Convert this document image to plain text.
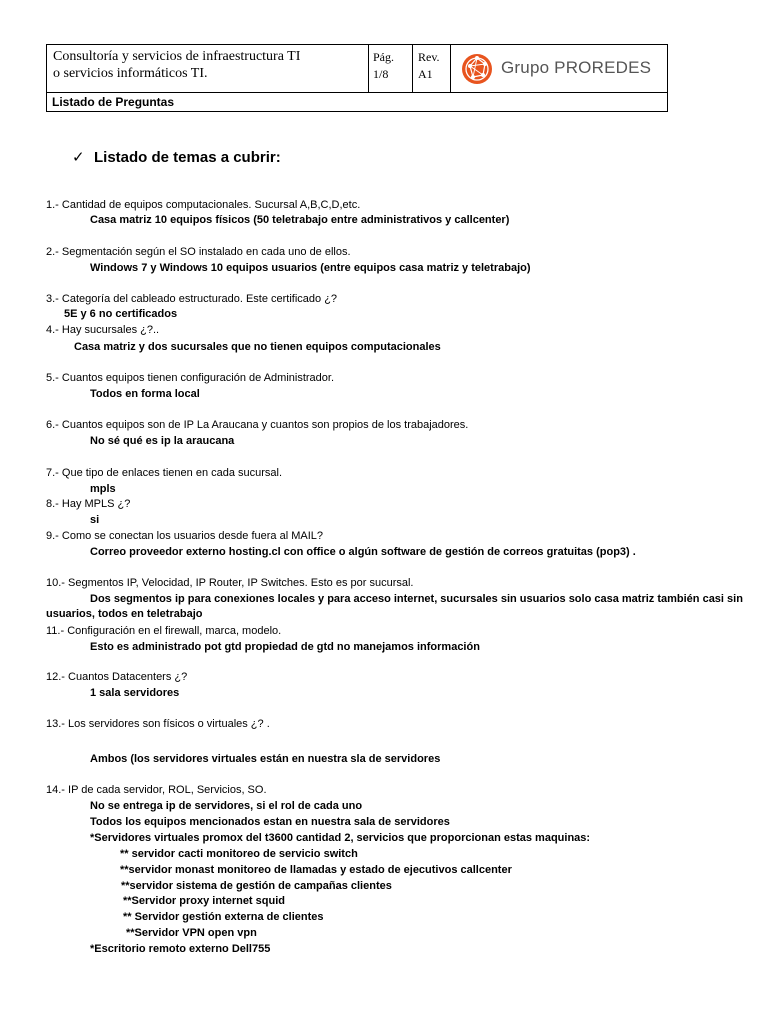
Consultoría y servicios de infraestructura TI
o servicios informáticos TI.
Pág.
1/8
Rev.
A1	Grupo PROREDES
Listado de Preguntas
✓ Listado de temas a cubrir:
1.- Cantidad de equipos computacionales. Sucursal A,B,C,D,etc.
Casa matriz 10 equipos físicos (50 teletrabajo entre administrativos y callcenter)
2.- Segmentación según el SO instalado en cada uno de ellos.
Windows 7 y Windows 10 equipos usuarios (entre equipos casa matriz y teletrabajo)
3.- Categoría del cableado estructurado. Este certificado ¿?
5E y 6 no certificados
4.- Hay sucursales ¿?..
Casa matriz y dos sucursales que no tienen equipos computacionales
5.- Cuantos equipos tienen configuración de Administrador.
Todos en forma local
6.- Cuantos equipos son de IP La Araucana y cuantos son propios de los trabajadores.
No sé qué es ip la araucana
7.- Que tipo de enlaces tienen en cada sucursal.
mpls
8.- Hay MPLS ¿?
si
9.- Como se conectan los usuarios desde fuera al MAIL?
Correo proveedor externo hosting.cl con office o algún software de gestión de correos gratuitas (pop3) .
10.- Segmentos IP, Velocidad, IP Router, IP Switches. Esto es por sucursal.
Dos segmentos ip para conexiones locales y para acceso internet, sucursales sin usuarios solo casa matriz también casi sin
usuarios, todos en teletrabajo
11.- Configuración en el firewall, marca, modelo.
Esto es administrado pot gtd propiedad de gtd no manejamos información
12.- Cuantos Datacenters ¿?
1 sala servidores
13.- Los servidores son físicos o virtuales ¿? .
Ambos (los servidores virtuales están en nuestra sla de servidores
14.- IP de cada servidor, ROL, Servicios, SO.
No se entrega ip de servidores, si el rol de cada uno
Todos los equipos mencionados estan en nuestra sala de servidores
*Servidores virtuales promox del t3600 cantidad 2, servicios que proporcionan estas maquinas:
** servidor cacti monitoreo de servicio switch
**servidor monast monitoreo de llamadas y estado de ejecutivos callcenter
**servidor sistema de gestión de campañas clientes
**Servidor proxy internet squid
** Servidor gestión externa de clientes
**Servidor VPN open vpn
*Escritorio remoto externo Dell755
